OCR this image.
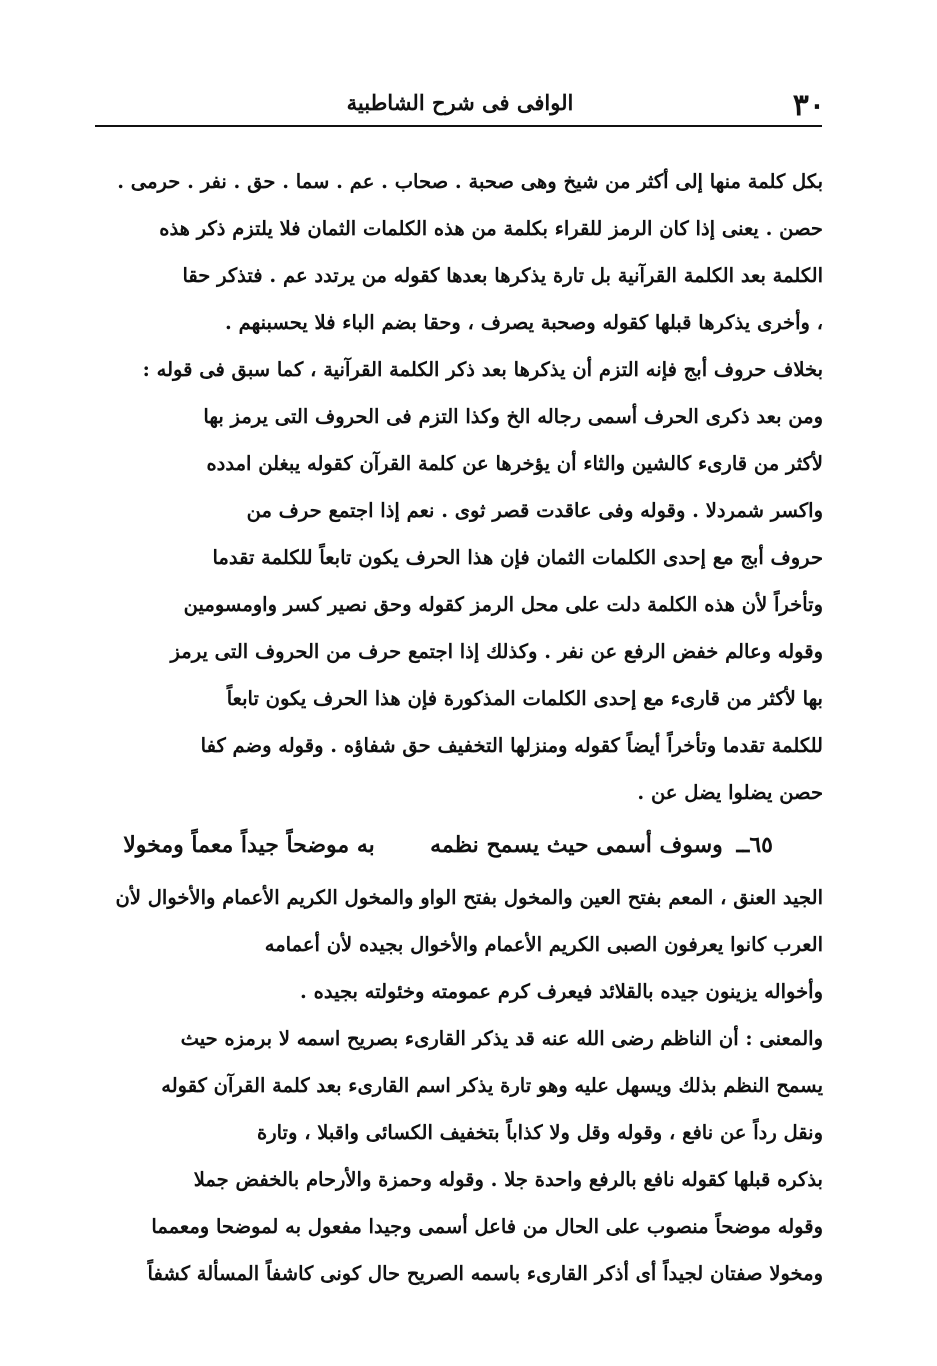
٣٠
الوافى فى شرح الشاطبية
بكل كلمة منها إلى أكثر من شيخ وهى صحبة . صحاب . عم . سما . حق . نفر . حرمى .
حصن . يعنى إذا كان الرمز للقراء بكلمة من هذه الكلمات الثمان فلا يلتزم ذكر هذه
الكلمة بعد الكلمة القرآنية بل تارة يذكرها بعدها كقوله من يرتدد عم . فتذكر حقا
، وأخرى يذكرها قبلها كقوله وصحبة يصرف ، وحقا بضم الباء فلا يحسبنهم .
بخلاف حروف أبج فإنه التزم أن يذكرها بعد ذكر الكلمة القرآنية ، كما سبق فى قوله :
ومن بعد ذكرى الحرف أسمى رجاله الخ وكذا التزم فى الحروف التى يرمز بها
لأكثر من قارىء كالشين والثاء أن يؤخرها عن كلمة القرآن كقوله يبغلن امدده
واكسر شمردلا . وقوله وفى عاقدت قصر ثوى . نعم إذا اجتمع حرف من
حروف أبج مع إحدى الكلمات الثمان فإن هذا الحرف يكون تابعاً للكلمة تقدما
وتأخراً لأن هذه الكلمة دلت على محل الرمز كقوله وحق نصير كسر واومسومين
وقوله وعالم خفض الرفع عن نفر . وكذلك إذا اجتمع حرف من الحروف التى يرمز
بها لأكثر من قارىء مع إحدى الكلمات المذكورة فإن هذا الحرف يكون تابعاً
للكلمة تقدما وتأخراً أيضاً كقوله ومنزلها التخفيف حق شفاؤه . وقوله وضم كفا
حصن يضلوا يضل عن .
٦٥ــ وسوف أسمى حيث يسمح نظمه  به موضحاً جيداً معماً ومخولا
الجيد العنق ، المعم بفتح العين والمخول بفتح الواو والمخول الكريم الأعمام والأخوال لأن
العرب كانوا يعرفون الصبى الكريم الأعمام والأخوال بجيده لأن أعمامه
وأخواله يزينون جيده بالقلائد فيعرف كرم عمومته وخئولته بجيده .
والمعنى : أن الناظم رضى الله عنه قد يذكر القارىء بصريح اسمه لا برمزه حيث
يسمح النظم بذلك ويسهل عليه وهو تارة يذكر اسم القارىء بعد كلمة القرآن كقوله
ونقل رداً عن نافع ، وقوله وقل ولا كذاباً بتخفيف الكسائى واقبلا ، وتارة
بذكره قبلها كقوله نافع بالرفع واحدة جلا . وقوله وحمزة والأرحام بالخفض جملا
وقوله موضحاً منصوب على الحال من فاعل أسمى وجيدا مفعول به لموضحا ومعمما
ومخولا صفتان لجيداً أى أذكر القارىء باسمه الصريح حال كونى كاشفاً المسألة كشفاً
